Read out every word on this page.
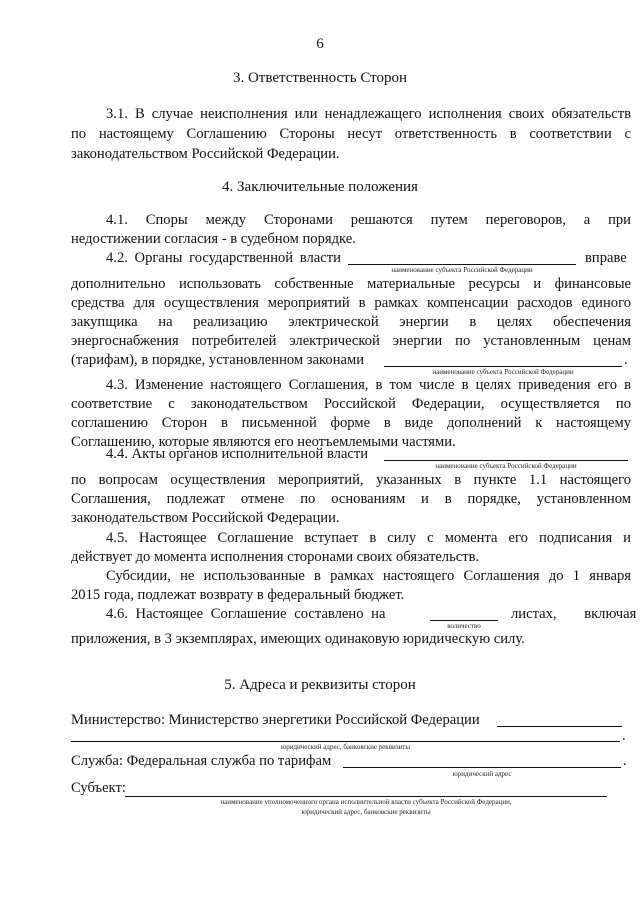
6
3. Ответственность Сторон
3.1. В случае неисполнения или ненадлежащего исполнения своих обязательств
по настоящему Соглашению Стороны несут ответственность в соответствии с
законодательством Российской Федерации.
4. Заключительные положения
4.1. Споры между Сторонами решаются путем переговоров, а при
недостижении согласия - в судебном порядке.
4.2. Органы государственной власти	вправе
наименование субъекта Российской Федерации
дополнительно использовать собственные материальные ресурсы и финансовые
средства для осуществления мероприятий в рамках компенсации расходов единого
закупщика на реализацию электрической энергии в целях обеспечения
энергоснабжения потребителей электрической энергии по установленным ценам
(тарифам), в порядке, установленном законами	.
наименование субъекта Российской Федерации
4.3. Изменение настоящего Соглашения, в том числе в целях приведения его в
соответствие с законодательством Российской Федерации, осуществляется по
соглашению Сторон в письменной форме в виде дополнений к настоящему
Соглашению, которые являются его неотъемлемыми частями.
4.4. Акты органов исполнительной власти
наименование субъекта Российской Федерации
по вопросам осуществления мероприятий, указанных в пункте 1.1 настоящего
Соглашения, подлежат отмене по основаниям и в порядке, установленном
законодательством Российской Федерации.
4.5. Настоящее Соглашение вступает в силу с момента его подписания и
действует до момента исполнения сторонами своих обязательств.
Субсидии, не использованные в рамках настоящего Соглашения до 1 января
2015 года, подлежат возврату в федеральный бюджет.
4.6. Настоящее Соглашение составлено на
количество
листах, включая
приложения, в 3 экземплярах, имеющих одинаковую юридическую силу.
5. Адреса и реквизиты сторон
Министерство: Министерство энергетики Российской Федерации
.
юридический адрес, банковские реквизиты
Служба: Федеральная служба по тарифам	.
юридический адрес
Субъект:
наименование уполномоченного органа исполнительной власти субъекта Российской Федерации,
юридический адрес, банковские реквизиты
